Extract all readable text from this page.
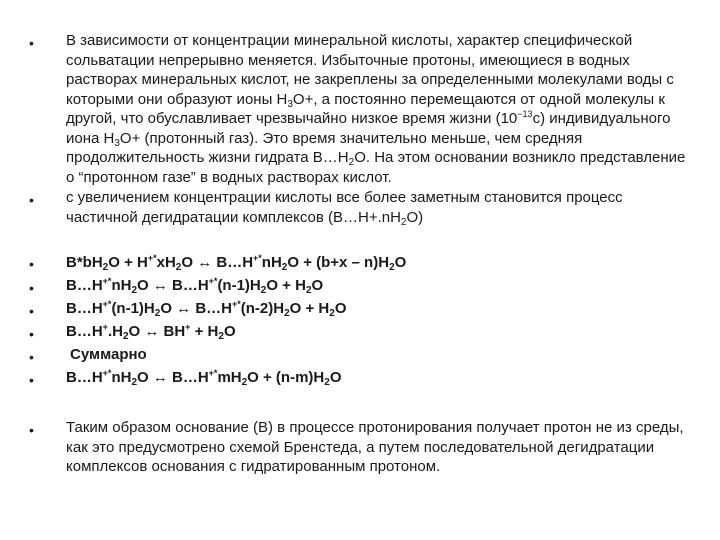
•
•
•
•
•
•
•
•
•
В зависимости от концентрации минеральной кислоты, характер специфической сольватации непрерывно меняется. Избыточные протоны, имеющиеся в водных растворах минеральных кислот, не закреплены за определенными молекулами воды с которыми они образуют ионы $H_3O+$, а постоянно перемещаются от одной молекулы к другой, что обуславливает чрезвычайно низкое время жизни $(10^{-13}с)$ индивидуального иона $H_3O+$ (протонный газ). Это время значительно меньше, чем средняя продолжительность жизни гидрата $B\dots H_2O$. На этом основании возникло представление о “протонном газе” в водных растворах кислот.
с увеличением концентрации кислоты все более заметным становится процесс частичной дегидратации комплексов $(B\dots H+.nH_2O)$
$B*bH_2O + H^{+*}xH_2O$ ↔ $B\dots H^{+*}nH_2O + (b+x - n)H_2O$
$B\dots H^{+*}nH_2O$ ↔ $B\dots H^{+*}(n-1)H_2O + H_2O$
$B\dots H^{+*}(n-1)H_2O$ ↔ $B\dots H^{+*}(n-2)H_2O + H_2O$
$B\dots H^+.H_2O$ ↔ $BH^+ + H_2O$
Суммарно
$B\dots H^{+*}nH_2O$ ↔ $B\dots H^{+*}mH_2O + (n-m)H_2O$
Таким образом основание (B) в процессе протонирования получает протон не из среды, как это предусмотрено схемой Бренстеда, а путем последовательной дегидратации комплексов основания с гидратированным протоном.
